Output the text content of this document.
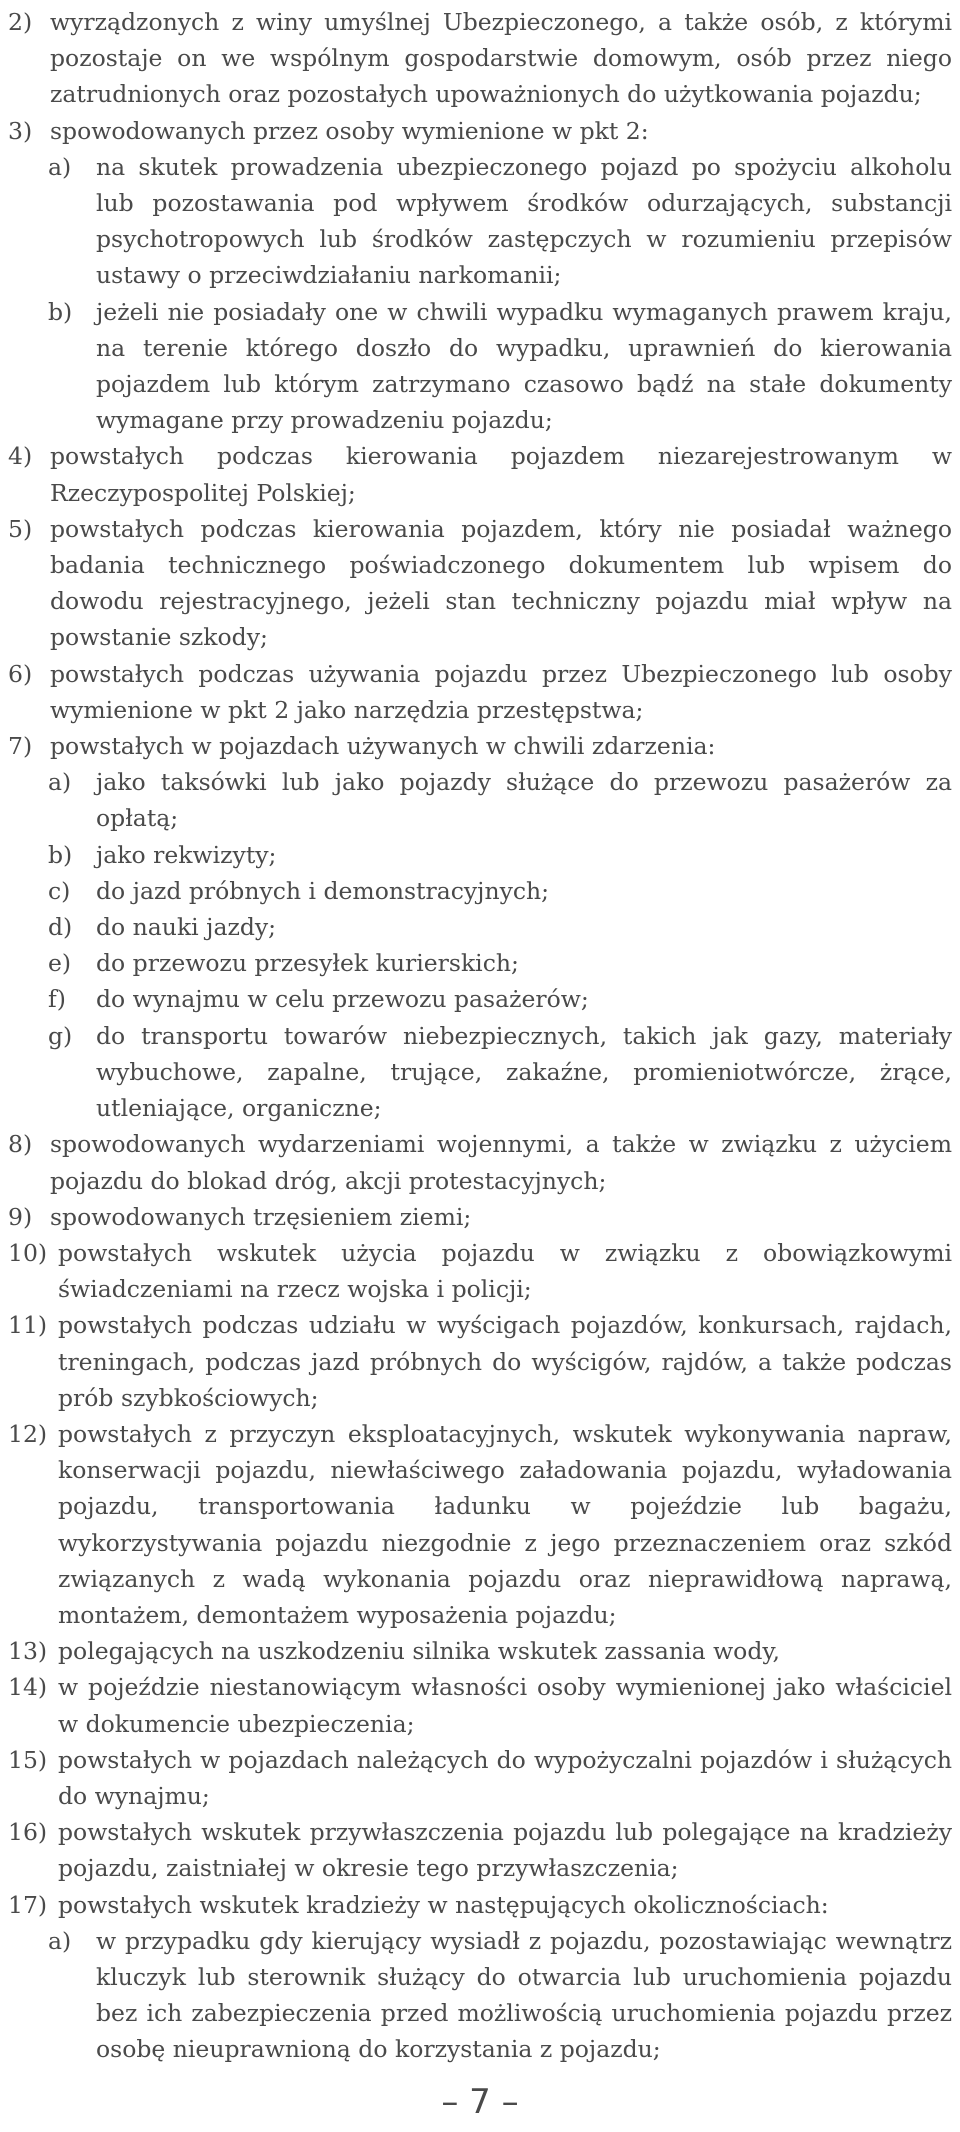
2) wyrządzonych z winy umyślnej Ubezpieczonego, a także osób, z którymi pozostaje on we wspólnym gospodarstwie domowym, osób przez niego zatrudnionych oraz pozostałych upoważnionych do użytkowania pojazdu;
3) spowodowanych przez osoby wymienione w pkt 2:
a) na skutek prowadzenia ubezpieczonego pojazd po spożyciu alkoholu lub pozostawania pod wpływem środków odurzających, substancji psychotropowych lub środków zastępczych w rozumieniu przepisów ustawy o przeciwdziałaniu narkomanii;
b) jeżeli nie posiadały one w chwili wypadku wymaganych prawem kraju, na terenie którego doszło do wypadku, uprawnień do kierowania pojazdem lub którym zatrzymano czasowo bądź na stałe dokumenty wymagane przy prowadzeniu pojazdu;
4) powstałych podczas kierowania pojazdem niezarejestrowanym w Rzeczypospolitej Polskiej;
5) powstałych podczas kierowania pojazdem, który nie posiadał ważnego badania technicznego poświadczonego dokumentem lub wpisem do dowodu rejestracyjnego, jeżeli stan techniczny pojazdu miał wpływ na powstanie szkody;
6) powstałych podczas używania pojazdu przez Ubezpieczonego lub osoby wymienione w pkt 2 jako narzędzia przestępstwa;
7) powstałych w pojazdach używanych w chwili zdarzenia:
a) jako taksówki lub jako pojazdy służące do przewozu pasażerów za opłatą;
b) jako rekwizyty;
c) do jazd próbnych i demonstracyjnych;
d) do nauki jazdy;
e) do przewozu przesyłek kurierskich;
f) do wynajmu w celu przewozu pasażerów;
g) do transportu towarów niebezpiecznych, takich jak gazy, materiały wybuchowe, zapalne, trujące, zakaźne, promieniotwórcze, żrące, utleniające, organiczne;
8) spowodowanych wydarzeniami wojennymi, a także w związku z użyciem pojazdu do blokad dróg, akcji protestacyjnych;
9) spowodowanych trzęsieniem ziemi;
10) powstałych wskutek użycia pojazdu w związku z obowiązkowymi świadczeniami na rzecz wojska i policji;
11) powstałych podczas udziału w wyścigach pojazdów, konkursach, rajdach, treningach, podczas jazd próbnych do wyścigów, rajdów, a także podczas prób szybkościowych;
12) powstałych z przyczyn eksploatacyjnych, wskutek wykonywania napraw, konserwacji pojazdu, niewłaściwego załadowania pojazdu, wyładowania pojazdu, transportowania ładunku w pojeździe lub bagażu, wykorzystywania pojazdu niezgodnie z jego przeznaczeniem oraz szkód związanych z wadą wykonania pojazdu oraz nieprawidłową naprawą, montażem, demontażem wyposażenia pojazdu;
13) polegających na uszkodzeniu silnika wskutek zassania wody,
14) w pojeździe niestanowiącym własności osoby wymienionej jako właściciel w dokumencie ubezpieczenia;
15) powstałych w pojazdach należących do wypożyczalni pojazdów i służących do wynajmu;
16) powstałych wskutek przywłaszczenia pojazdu lub polegające na kradzieży pojazdu, zaistniałej w okresie tego przywłaszczenia;
17) powstałych wskutek kradzieży w następujących okolicznościach:
a) w przypadku gdy kierujący wysiadł z pojazdu, pozostawiając wewnątrz kluczyk lub sterownik służący do otwarcia lub uruchomienia pojazdu bez ich zabezpieczenia przed możliwością uruchomienia pojazdu przez osobę nieuprawnioną do korzystania z pojazdu;
– 7 –
